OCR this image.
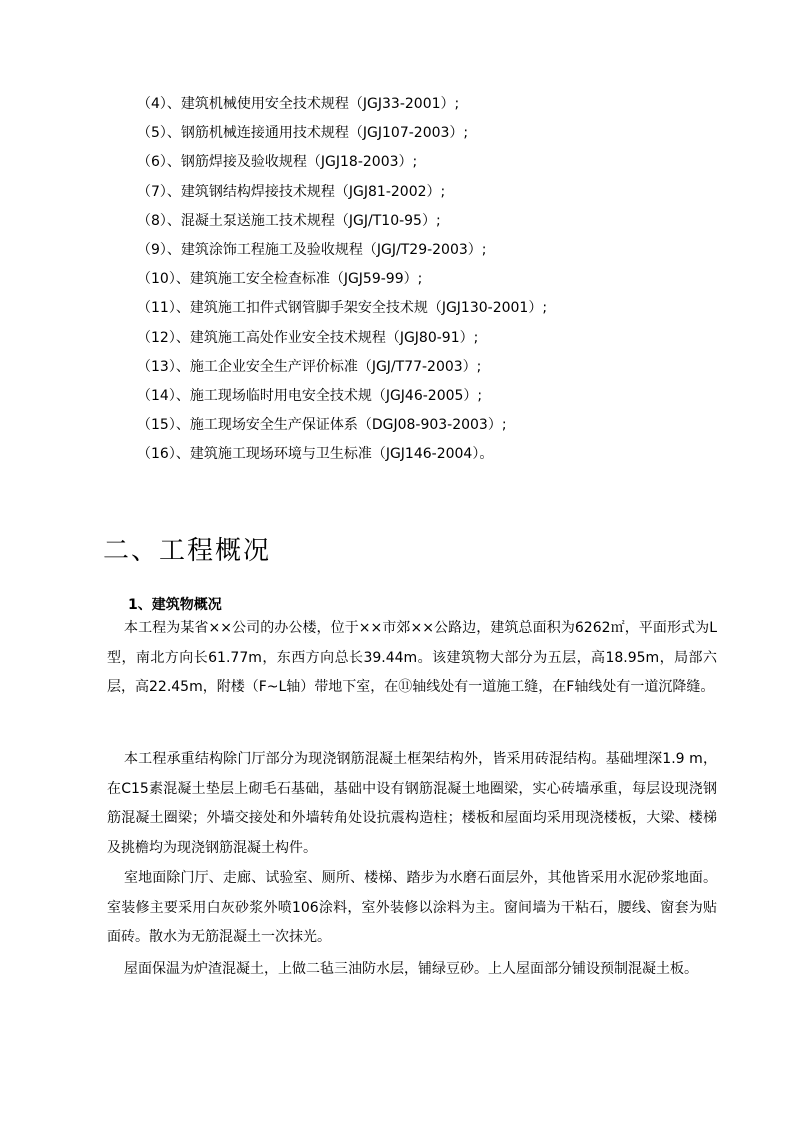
（4）、建筑机械使用安全技术规程（JGJ33-2001）;
（5）、钢筋机械连接通用技术规程（JGJ107-2003）;
（6）、钢筋焊接及验收规程（JGJ18-2003）;
（7）、建筑钢结构焊接技术规程（JGJ81-2002）;
（8）、混凝土泵送施工技术规程（JGJ/T10-95）;
（9）、建筑涂饰工程施工及验收规程（JGJ/T29-2003）;
（10）、建筑施工安全检查标准（JGJ59-99）;
（11）、建筑施工扣件式钢管脚手架安全技术规（JGJ130-2001）;
（12）、建筑施工高处作业安全技术规程（JGJ80-91）;
（13）、施工企业安全生产评价标准（JGJ/T77-2003）;
（14）、施工现场临时用电安全技术规（JGJ46-2005）;
（15）、施工现场安全生产保证体系（DGJ08-903-2003）;
（16）、建筑施工现场环境与卫生标准（JGJ146-2004）。
二、工程概况
1、建筑物概况

本工程为某省××公司的办公楼，位于××市郊××公路边，建筑总面积为6262㎡，平面形式为L型，南北方向长61.77m，东西方向总长39.44m。该建筑物大部分为五层，高18.95m，局部六层，高22.45m，附楼（F~L轴）带地下室，在⑪轴线处有一道施工缝，在F轴线处有一道沉降缝。

本工程承重结构除门厅部分为现浇钢筋混凝土框架结构外，皆采用砖混结构。基础埋深1.9 m，在C15素混凝土垫层上砌毛石基础，基础中设有钢筋混凝土地圈梁，实心砖墙承重，每层设现浇钢筋混凝土圈梁；外墙交接处和外墙转角处设抗震构造柱；楼板和屋面均采用现浇楼板，大梁、楼梯及挑檐均为现浇钢筋混凝土构件。

室地面除门厅、走廊、试验室、厕所、楼梯、踏步为水磨石面层外，其他皆采用水泥砂浆地面。室装修主要采用白灰砂浆外喷106涂料，室外装修以涂料为主。窗间墙为干粘石，腰线、窗套为贴面砖。散水为无筋混凝土一次抹光。

屋面保温为炉渣混凝土，上做二毡三油防水层，铺绿豆砂。上人屋面部分铺设预制混凝土板。
